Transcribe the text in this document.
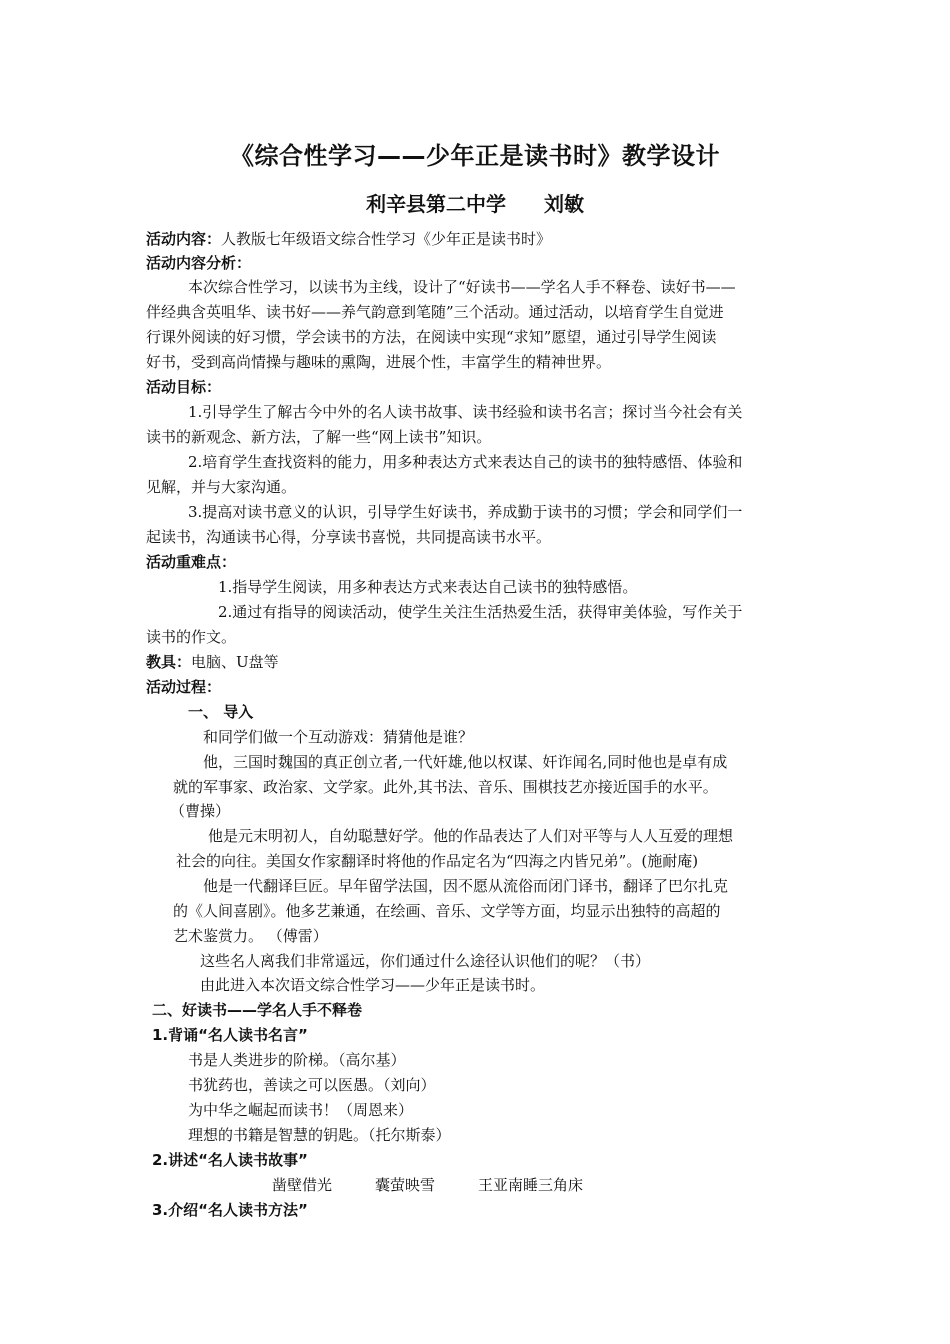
《综合性学习——少年正是读书时》教学设计
利辛县第二中学 刘敏
活动内容：人教版七年级语文综合性学习《少年正是读书时》
活动内容分析：
本次综合性学习，以读书为主线，设计了“好读书——学名人手不释卷、读好书——
伴经典含英咀华、读书好——养气韵意到笔随”三个活动。通过活动，以培育学生自觉进
行课外阅读的好习惯，学会读书的方法，在阅读中实现“求知”愿望，通过引导学生阅读
好书，受到高尚情操与趣味的熏陶，进展个性，丰富学生的精神世界。
活动目标：
1.引导学生了解古今中外的名人读书故事、读书经验和读书名言；探讨当今社会有关
读书的新观念、新方法，了解一些“网上读书”知识。
2.培育学生查找资料的能力，用多种表达方式来表达自己的读书的独特感悟、体验和
见解，并与大家沟通。
3.提高对读书意义的认识，引导学生好读书，养成勤于读书的习惯；学会和同学们一
起读书，沟通读书心得，分享读书喜悦，共同提高读书水平。
活动重难点：
1.指导学生阅读，用多种表达方式来表达自己读书的独特感悟。
2.通过有指导的阅读活动，使学生关注生活热爱生活，获得审美体验，写作关于
读书的作文。
教具：电脑、U盘等
活动过程：
一、 导入
和同学们做一个互动游戏：猜猜他是谁？
他，三国时魏国的真正创立者,一代奸雄,他以权谋、奸诈闻名,同时他也是卓有成
就的军事家、政治家、文学家。此外,其书法、音乐、围棋技艺亦接近国手的水平。
（曹操）
他是元末明初人，自幼聪慧好学。他的作品表达了人们对平等与人人互爱的理想
社会的向往。美国女作家翻译时将他的作品定名为“四海之内皆兄弟”。(施耐庵)
他是一代翻译巨匠。早年留学法国，因不愿从流俗而闭门译书，翻译了巴尔扎克
的《人间喜剧》。他多艺兼通，在绘画、音乐、文学等方面，均显示出独特的高超的
艺术鉴赏力。 （傅雷）
这些名人离我们非常遥远，你们通过什么途径认识他们的呢？（书）
由此进入本次语文综合性学习——少年正是读书时。
二、好读书——学名人手不释卷
1.背诵“名人读书名言”
书是人类进步的阶梯。（高尔基）
书犹药也，善读之可以医愚。（刘向）
为中华之崛起而读书！（周恩来）
理想的书籍是智慧的钥匙。（托尔斯泰）
2.讲述“名人读书故事”
凿壁借光	囊萤映雪	王亚南睡三角床
3.介绍“名人读书方法”
